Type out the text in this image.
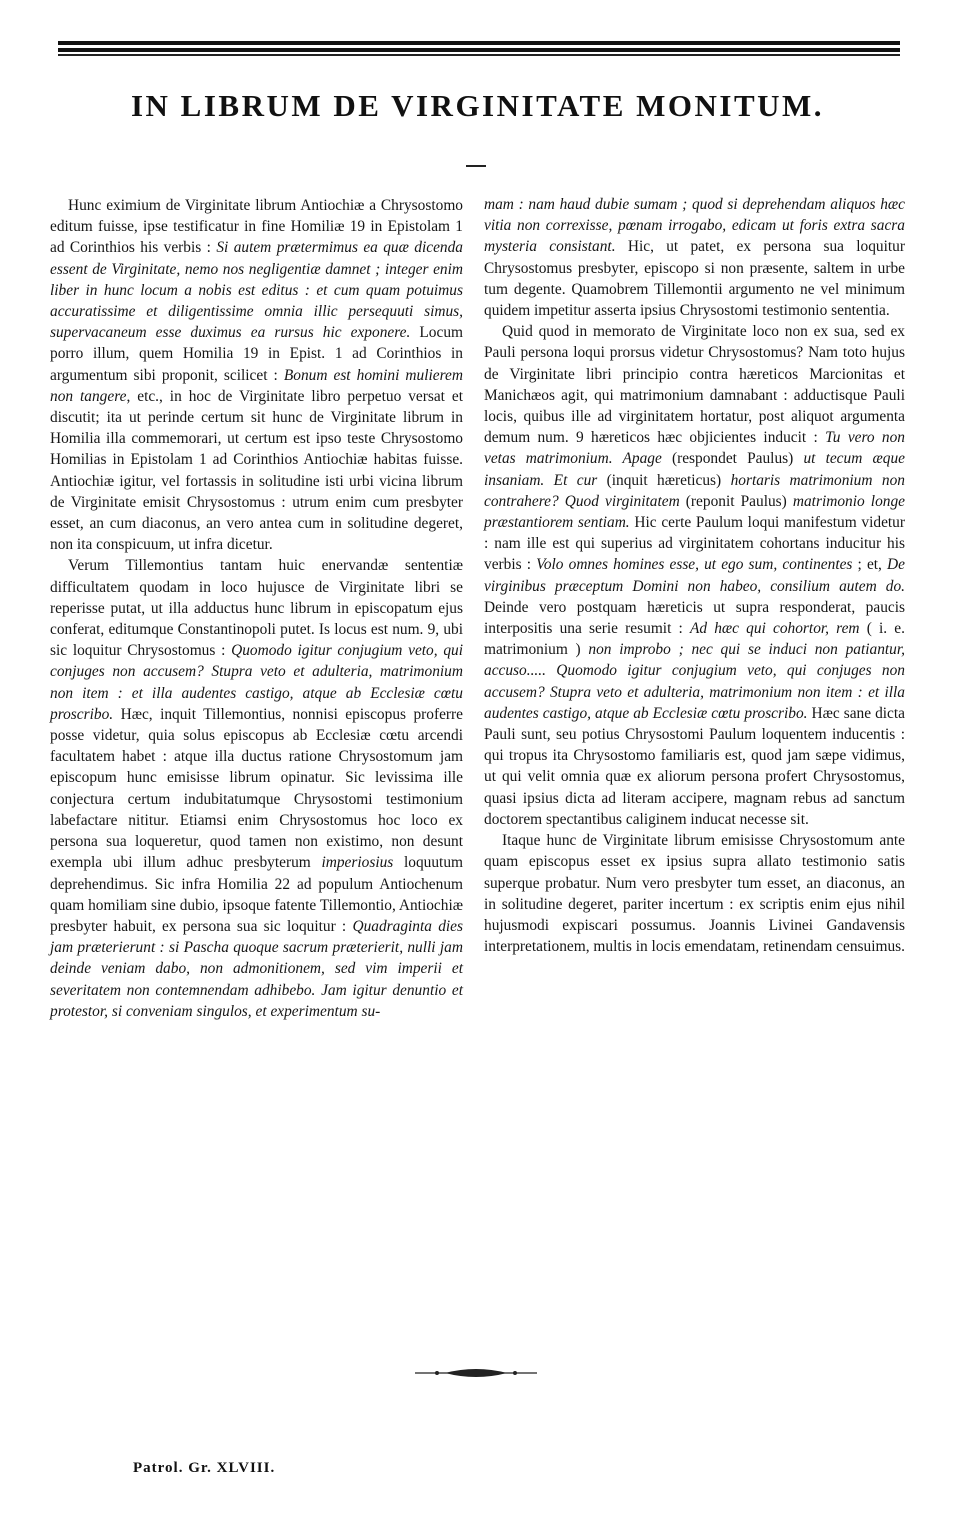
IN LIBRUM DE VIRGINITATE MONITUM.

Hunc eximium de Virginitate librum Antiochiæ a Chrysostomo editum fuisse, ipse testificatur in fine Homiliæ 19 in Epistolam 1 ad Corinthios his verbis : Si autem prætermimus ea quæ dicenda essent de Virginitate, nemo nos negligentiæ damnet ; integer enim liber in hunc locum a nobis est editus : et cum quam potuimus accuratissime et diligentissime omnia illic persequuti simus, supervacaneum esse duximus ea rursus hic exponere. Locum porro illum, quem Homilia 19 in Epist. 1 ad Corinthios in argumentum sibi proponit, scilicet : Bonum est homini mulierem non tangere, etc., in hoc de Virginitate libro perpetuo versat et discutit; ita ut perinde certum sit hunc de Virginitate librum in Homilia illa commemorari, ut certum est ipso teste Chrysostomo Homilias in Epistolam 1 ad Corinthios Antiochiæ habitas fuisse. Antiochiæ igitur, vel fortassis in solitudine isti urbi vicina librum de Virginitate emisit Chrysostomus : utrum enim cum presbyter esset, an cum diaconus, an vero antea cum in solitudine degeret, non ita conspicuum, ut infra dicetur.

Verum Tillemontius tantam huic enervandæ sententiæ difficultatem quodam in loco hujusce de Virginitate libri se reperisse putat, ut illa adductus hunc librum in episcopatum ejus conferat, editumque Constantinopoli putet. Is locus est num. 9, ubi sic loquitur Chrysostomus : Quomodo igitur conjugium veto, qui conjuges non accusem? Stupra veto et adulteria, matrimonium non item : et illa audentes castigo, atque ab Ecclesiæ cœtu proscribo. Hæc, inquit Tillemontius, nonnisi episcopus proferre posse videtur, quia solus episcopus ab Ecclesiæ cœtu arcendi facultatem habet : atque illa ductus ratione Chrysostomum jam episcopum hunc emisisse librum opinatur. Sic levissima ille conjectura certum indubitatumque Chrysostomi testimonium labefactare nititur. Etiamsi enim Chrysostomus hoc loco ex persona sua loqueretur, quod tamen non existimo, non desunt exempla ubi illum adhuc presbyterum imperiosius loquutum deprehendimus. Sic infra Homilia 22 ad populum Antiochenum quam homiliam sine dubio, ipsoque fatente Tillemontio, Antiochiæ presbyter habuit, ex persona sua sic loquitur : Quadraginta dies jam præterierunt : si Pascha quoque sacrum præterierit, nulli jam deinde veniam dabo, non admonitionem, sed vim imperii et severitatem non contemnendam adhibebo. Jam igitur denuntio et protestor, si conveniam singulos, et experimentum su-

mam : nam haud dubie sumam ; quod si deprehendam aliquos hæc vitia non correxisse, pœnam irrogabo, edicam ut foris extra sacra mysteria consistant. Hic, ut patet, ex persona sua loquitur Chrysostomus presbyter, episcopo si non præsente, saltem in urbe tum degente. Quamobrem Tillemontii argumento ne vel minimum quidem impetitur asserta ipsius Chrysostomi testimonio sententia.

Quid quod in memorato de Virginitate loco non ex sua, sed ex Pauli persona loqui prorsus videtur Chrysostomus? Nam toto hujus de Virginitate libri principio contra hæreticos Marcionitas et Manichæos agit, qui matrimonium damnabant : adductisque Pauli locis, quibus ille ad virginitatem hortatur, post aliquot argumenta demum num. 9 hæreticos hæc objicientes inducit : Tu vero non vetas matrimonium. Apage (respondet Paulus) ut tecum æque insaniam. Et cur (inquit hæreticus) hortaris matrimonium non contrahere? Quod virginitatem (reponit Paulus) matrimonio longe præstantiorem sentiam. Hic certe Paulum loqui manifestum videtur : nam ille est qui superius ad virginitatem cohortans inducitur his verbis : Volo omnes homines esse, ut ego sum, continentes ; et, De virginibus præceptum Domini non habeo, consilium autem do. Deinde vero postquam hæreticis ut supra responderat, paucis interpositis una serie resumit : Ad hæc qui cohortor, rem ( i. e. matrimonium ) non improbo ; nec qui se induci non patiantur, accuso..... Quomodo igitur conjugium veto, qui conjuges non accusem? Stupra veto et adulteria, matrimonium non item : et illa audentes castigo, atque ab Ecclesiæ cœtu proscribo. Hæc sane dicta Pauli sunt, seu potius Chrysostomi Paulum loquentem inducentis : qui tropus ita Chrysostomo familiaris est, quod jam sæpe vidimus, ut qui velit omnia quæ ex aliorum persona profert Chrysostomus, quasi ipsius dicta ad literam accipere, magnam rebus ad sanctum doctorem spectantibus caliginem inducat necesse sit.

Itaque hunc de Virginitate librum emisisse Chrysostomum ante quam episcopus esset ex ipsius supra allato testimonio satis superque probatur. Num vero presbyter tum esset, an diaconus, an in solitudine degeret, pariter incertum : ex scriptis enim ejus nihil hujusmodi expiscari possumus. Joannis Livinei Gandavensis interpretationem, multis in locis emendatam, retinendam censuimus.

Patrol. Gr. XLVIII.
